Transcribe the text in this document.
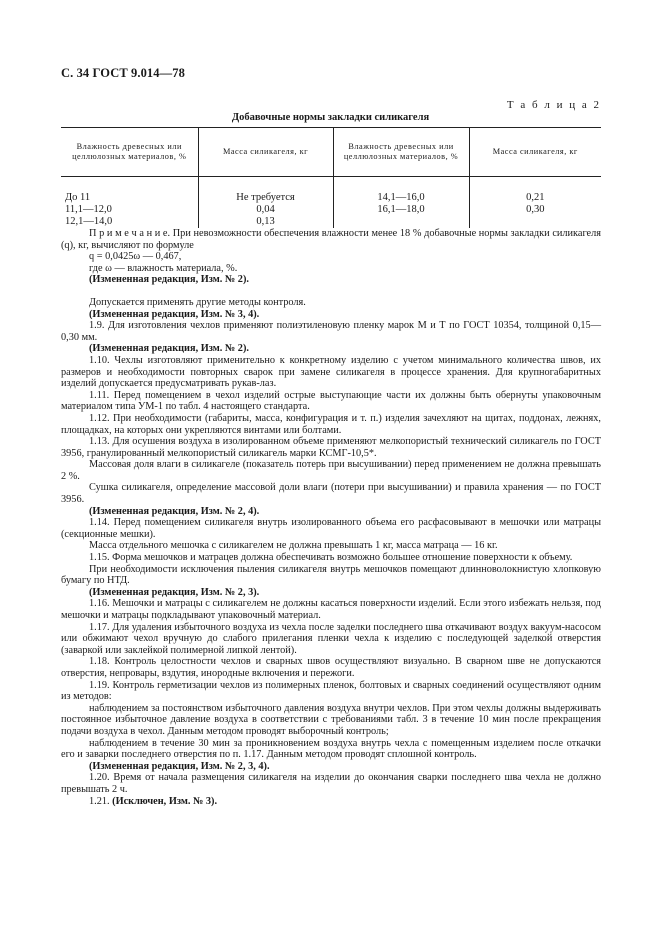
С. 34 ГОСТ 9.014—78
Т а б л и ц а 2
Добавочные нормы закладки силикагеля
Влажность древесных или целлюлозных материалов, %	Масса силикагеля, кг	Влажность древесных или целлюлозных материалов, %	Масса силикагеля, кг
До 11	Не требуется	14,1—16,0	0,21
11,1—12,0	0,04	16,1—18,0	0,30
12,1—14,0	0,13		

П р и м е ч а н и е. При невозможности обеспечения влажности менее 18 % добавочные нормы закладки силикагеля (q), кг, вычисляют по формуле

q = 0,0425ω — 0,467,

где ω — влажность материала, %.

(Измененная редакция, Изм. № 2).

Допускается применять другие методы контроля.

(Измененная редакция, Изм. № 3, 4).

1.9. Для изготовления чехлов применяют полиэтиленовую пленку марок М и Т по ГОСТ 10354, толщиной 0,15—0,30 мм.

(Измененная редакция, Изм. № 2).

1.10. Чехлы изготовляют применительно к конкретному изделию с учетом минимального количества швов, их размеров и необходимости повторных сварок при замене силикагеля в процессе хранения. Для крупногабаритных изделий допускается предусматривать рукав-лаз.

1.11. Перед помещением в чехол изделий острые выступающие части их должны быть обернуты упаковочным материалом типа УМ-1 по табл. 4 настоящего стандарта.

1.12. При необходимости (габариты, масса, конфигурация и т. п.) изделия зачехляют на щитах, поддонах, лежнях, площадках, на которых они укрепляются винтами или болтами.

1.13. Для осушения воздуха в изолированном объеме применяют мелкопористый технический силикагель по ГОСТ 3956, гранулированный мелкопористый силикагель марки КСМГ-10,5*.

Массовая доля влаги в силикагеле (показатель потерь при высушивании) перед применением не должна превышать 2 %.

Сушка силикагеля, определение массовой доли влаги (потери при высушивании) и правила хранения — по ГОСТ 3956.

(Измененная редакция, Изм. № 2, 4).

1.14. Перед помещением силикагеля внутрь изолированного объема его расфасовывают в мешочки или матрацы (секционные мешки).

Масса отдельного мешочка с силикагелем не должна превышать 1 кг, масса матраца — 16 кг.

1.15. Форма мешочков и матрацев должна обеспечивать возможно большее отношение поверхности к объему.

При необходимости исключения пыления силикагеля внутрь мешочков помещают длинноволокнистую хлопковую бумагу по НТД.

(Измененная редакция, Изм. № 2, 3).

1.16. Мешочки и матрацы с силикагелем не должны касаться поверхности изделий. Если этого избежать нельзя, под мешочки и матрацы подкладывают упаковочный материал.

1.17. Для удаления избыточного воздуха из чехла после заделки последнего шва откачивают воздух вакуум-насосом или обжимают чехол вручную до слабого прилегания пленки чехла к изделию с последующей заделкой отверстия (заваркой или заклейкой полимерной липкой лентой).

1.18. Контроль целостности чехлов и сварных швов осуществляют визуально. В сварном шве не допускаются отверстия, непровары, вздутия, инородные включения и пережоги.

1.19. Контроль герметизации чехлов из полимерных пленок, болтовых и сварных соединений осуществляют одним из методов:

наблюдением за постоянством избыточного давления воздуха внутри чехлов. При этом чехлы должны выдерживать постоянное избыточное давление воздуха в соответствии с требованиями табл. 3 в течение 10 мин после прекращения подачи воздуха в чехол. Данным методом проводят выборочный контроль;

наблюдением в течение 30 мин за проникновением воздуха внутрь чехла с помещенным изделием после откачки его и заварки последнего отверстия по п. 1.17. Данным методом проводят сплошной контроль.

(Измененная редакция, Изм. № 2, 3, 4).

1.20. Время от начала размещения силикагеля на изделии до окончания сварки последнего шва чехла не должно превышать 2 ч.

1.21. (Исключен, Изм. № 3).
